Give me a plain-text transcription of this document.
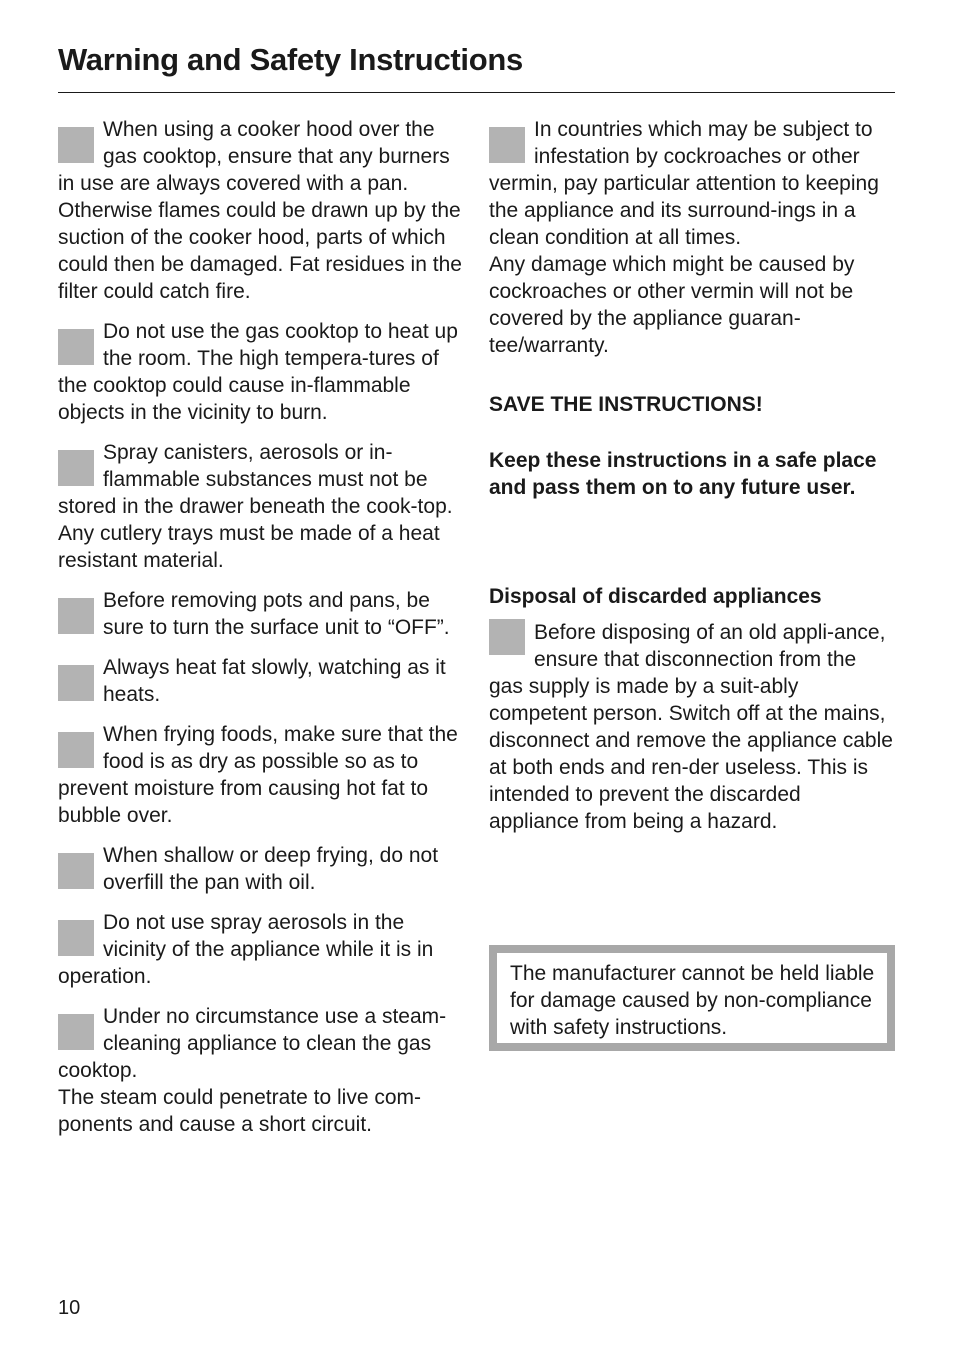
Warning and Safety Instructions

When using a cooker hood over the gas cooktop, ensure that any burners in use are always covered with a pan.

Otherwise flames could be drawn up by the suction of the cooker hood, parts of which could then be damaged. Fat residues in the filter could catch fire.

Do not use the gas cooktop to heat up the room. The high tempera-tures of the cooktop could cause in-flammable objects in the vicinity to burn.

Spray canisters, aerosols or in-flammable substances must not be stored in the drawer beneath the cook-top. Any cutlery trays must be made of a heat resistant material.

Before removing pots and pans, be sure to turn the surface unit to “OFF”.

Always heat fat slowly, watching as it heats.

When frying foods, make sure that the food is as dry as possible so as to prevent moisture from causing hot fat to bubble over.

When shallow or deep frying, do not overfill the pan with oil.

Do not use spray aerosols in the vicinity of the appliance while it is in operation.

Under no circumstance use a steam-cleaning appliance to clean the gas cooktop.

The steam could penetrate to live com-ponents and cause a short circuit.

In countries which may be subject to infestation by cockroaches or other vermin, pay particular attention to keeping the appliance and its surround-ings in a clean condition at all times.

Any damage which might be caused by cockroaches or other vermin will not be covered by the appliance guaran-tee/warranty.

SAVE THE INSTRUCTIONS!

Keep these instructions in a safe place and pass them on to any future user.

Disposal of discarded appliances

Before disposing of an old appli-ance, ensure that disconnection from the gas supply is made by a suit-ably competent person. Switch off at the mains, disconnect and remove the appliance cable at both ends and ren-der useless. This is intended to prevent the discarded appliance from being a hazard.

The manufacturer cannot be held liable for damage caused by non-compliance with safety instructions.
10
